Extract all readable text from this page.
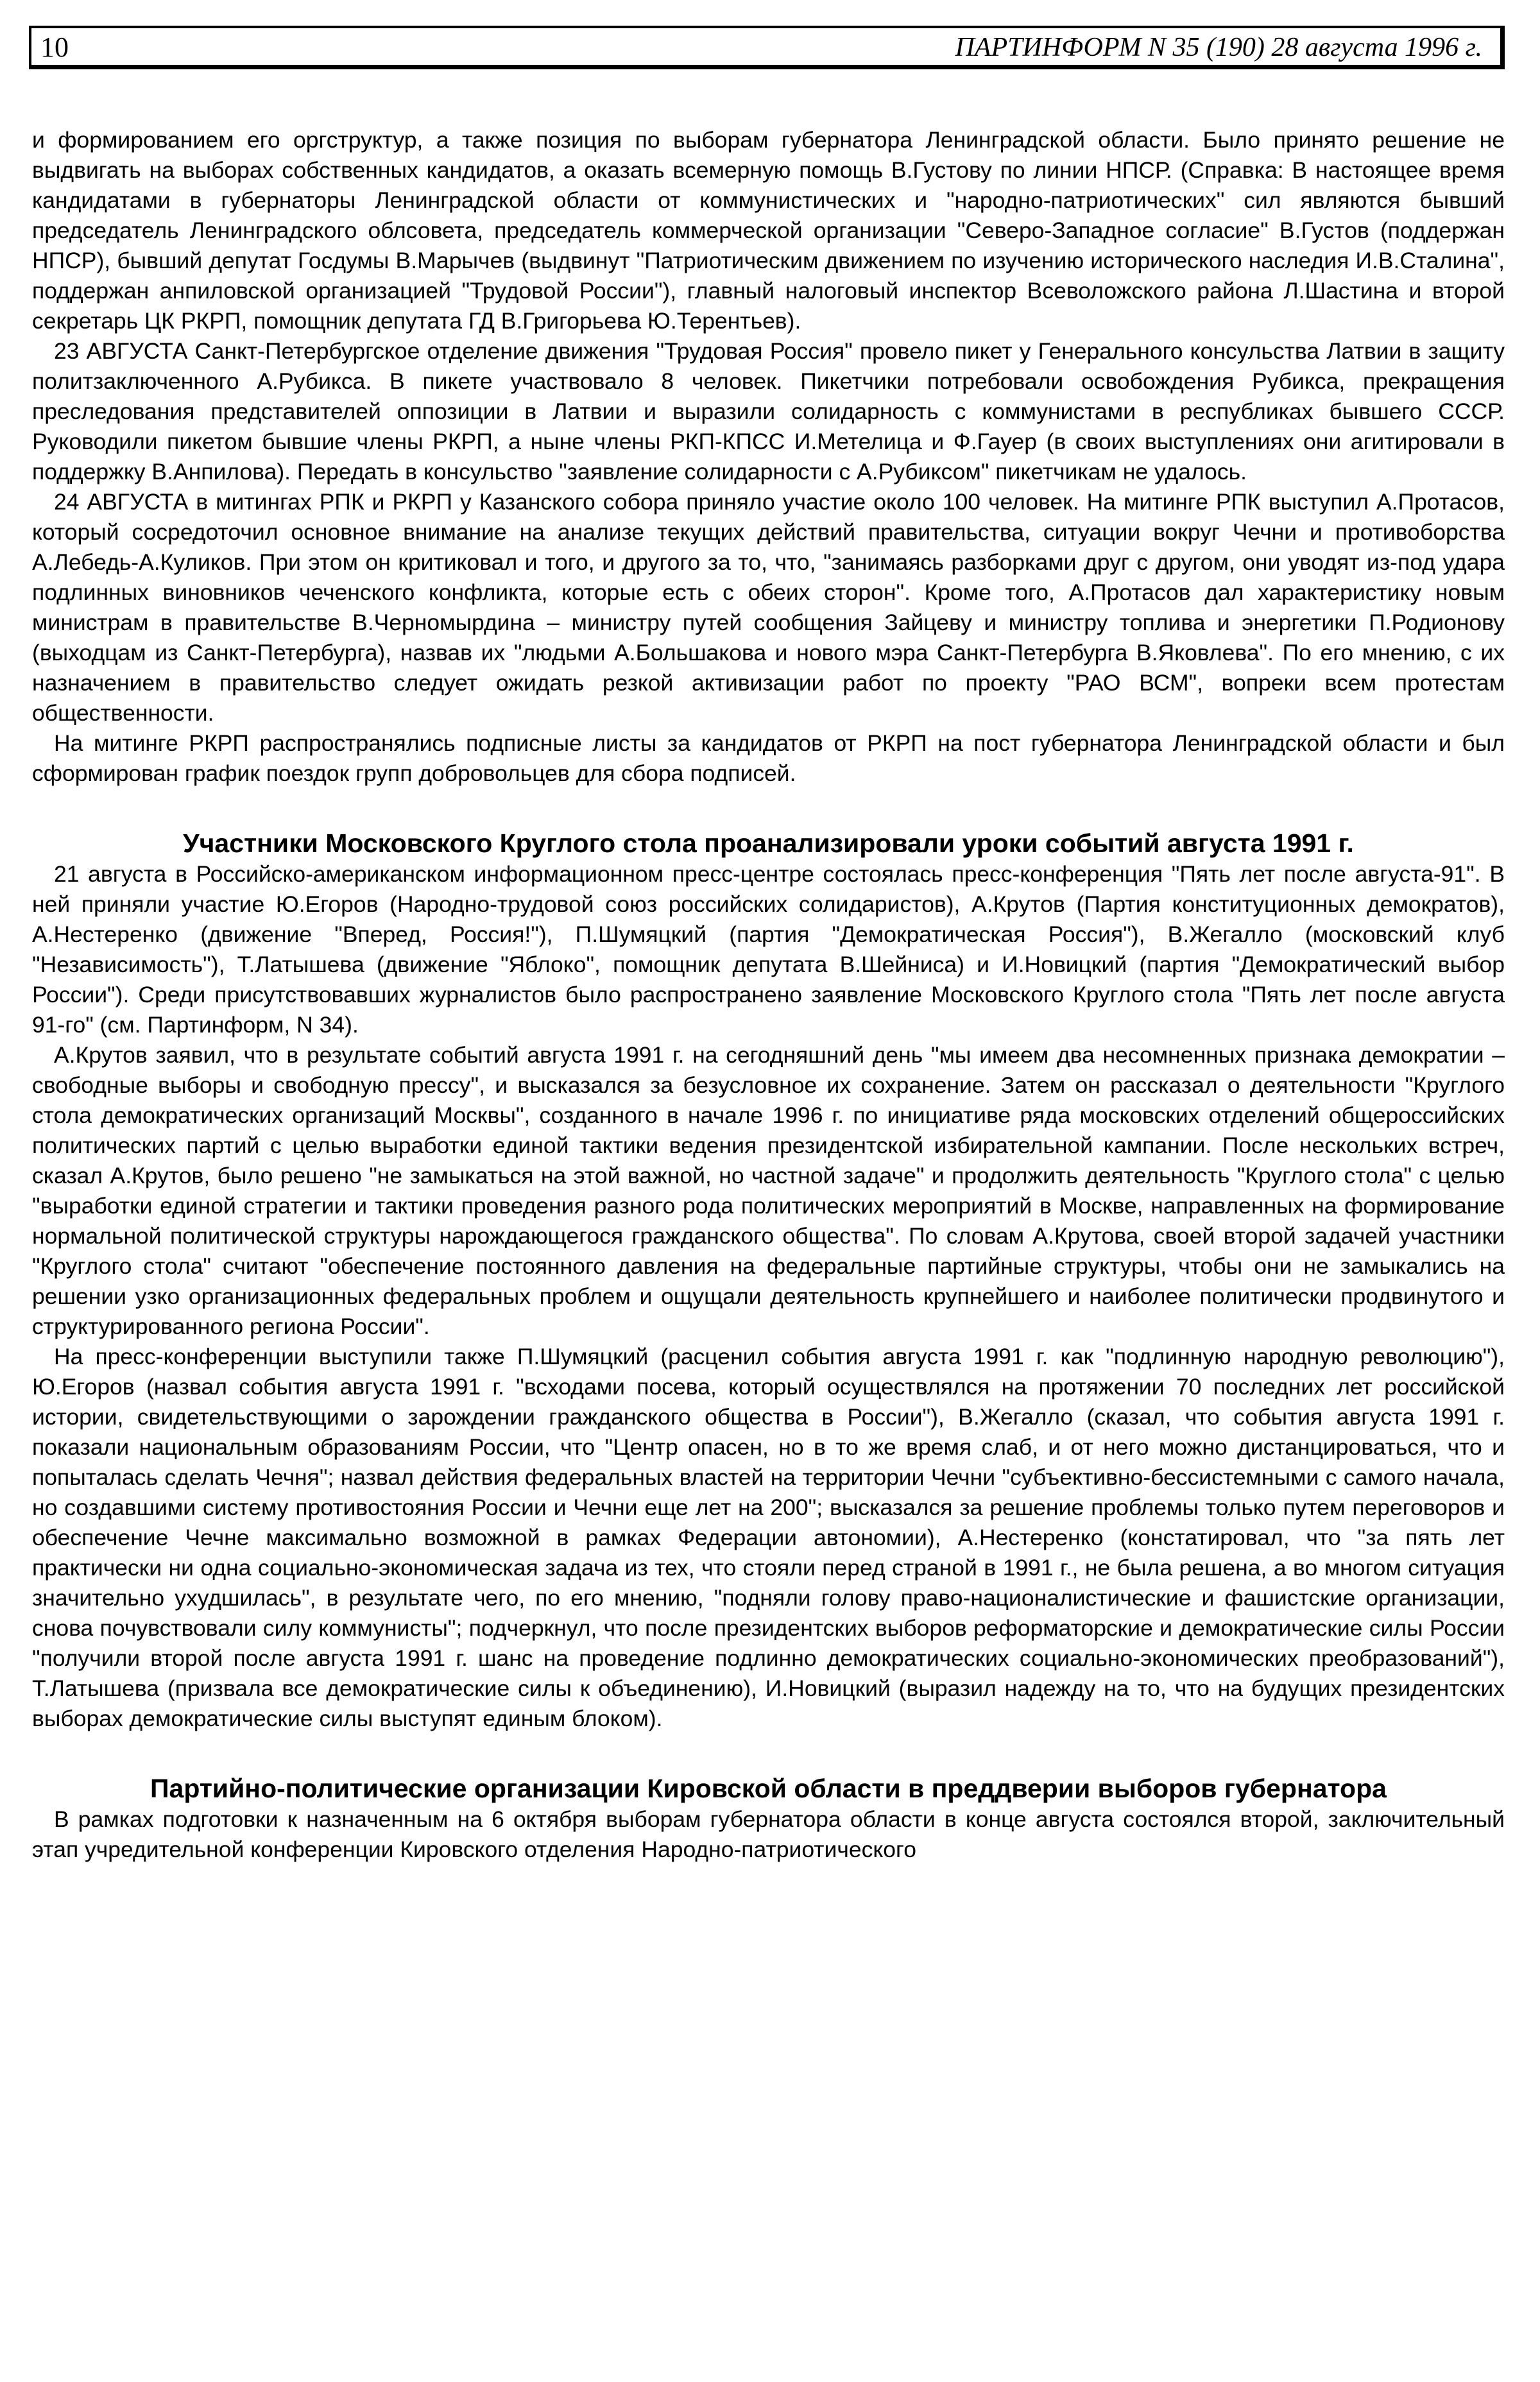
10	ПАРТИНФОРМ N 35 (190) 28 августа 1996 г.

и формированием его оргструктур, а также позиция по выборам губернатора Ленинградской области. Было принято решение не выдвигать на выборах собственных кандидатов, а оказать всемерную помощь В.Густову по линии НПСР. (Справка: В настоящее время кандидатами в губернаторы Ленинградской области от коммунистических и "народно-патриотических" сил являются бывший председатель Ленинградского облсовета, председатель коммерческой организации "Северо-Западное согласие" В.Густов (поддержан НПСР), бывший депутат Госдумы В.Марычев (выдвинут "Патриотическим движением по изучению исторического наследия И.В.Сталина", поддержан анпиловской организацией "Трудовой России"), главный налоговый инспектор Всеволожского района Л.Шастина и второй секретарь ЦК РКРП, помощник депутата ГД В.Григорьева Ю.Терентьев).

23 АВГУСТА Санкт-Петербургское отделение движения "Трудовая Россия" провело пикет у Генерального консульства Латвии в защиту политзаключенного А.Рубикса. В пикете участвовало 8 человек. Пикетчики потребовали освобождения Рубикса, прекращения преследования представителей оппозиции в Латвии и выразили солидарность с коммунистами в республиках бывшего СССР. Руководили пикетом бывшие члены РКРП, а ныне члены РКП-КПСС И.Метелица и Ф.Гауер (в своих выступлениях они агитировали в поддержку В.Анпилова). Передать в консульство "заявление солидарности с А.Рубиксом" пикетчикам не удалось.

24 АВГУСТА в митингах РПК и РКРП у Казанского собора приняло участие около 100 человек. На митинге РПК выступил А.Протасов, который сосредоточил основное внимание на анализе текущих действий правительства, ситуации вокруг Чечни и противоборства А.Лебедь-А.Куликов. При этом он критиковал и того, и другого за то, что, "занимаясь разборками друг с другом, они уводят из-под удара подлинных виновников чеченского конфликта, которые есть с обеих сторон". Кроме того, А.Протасов дал характеристику новым министрам в правительстве В.Черномырдина – министру путей сообщения Зайцеву и министру топлива и энергетики П.Родионову (выходцам из Санкт-Петербурга), назвав их "людьми А.Большакова и нового мэра Санкт-Петербурга В.Яковлева". По его мнению, с их назначением в правительство следует ожидать резкой активизации работ по проекту "РАО ВСМ", вопреки всем протестам общественности.

На митинге РКРП распространялись подписные листы за кандидатов от РКРП на пост губернатора Ленинградской области и был сформирован график поездок групп добровольцев для сбора подписей.

Участники Московского Круглого стола проанализировали уроки событий августа 1991 г.

21 августа в Российско-американском информационном пресс-центре состоялась пресс-конференция "Пять лет после августа-91". В ней приняли участие Ю.Егоров (Народно-трудовой союз российских солидаристов), А.Крутов (Партия конституционных демократов), А.Нестеренко (движение "Вперед, Россия!"), П.Шумяцкий (партия "Демократическая Россия"), В.Жегалло (московский клуб "Независимость"), Т.Латышева (движение "Яблоко", помощник депутата В.Шейниса) и И.Новицкий (партия "Демократический выбор России"). Среди присутствовавших журналистов было распространено заявление Московского Круглого стола "Пять лет после августа 91-го" (см. Партинформ, N 34).

А.Крутов заявил, что в результате событий августа 1991 г. на сегодняшний день "мы имеем два несомненных признака демократии – свободные выборы и свободную прессу", и высказался за безусловное их сохранение. Затем он рассказал о деятельности "Круглого стола демократических организаций Москвы", созданного в начале 1996 г. по инициативе ряда московских отделений общероссийских политических партий с целью выработки единой тактики ведения президентской избирательной кампании. После нескольких встреч, сказал А.Крутов, было решено "не замыкаться на этой важной, но частной задаче" и продолжить деятельность "Круглого стола" с целью "выработки единой стратегии и тактики проведения разного рода политических мероприятий в Москве, направленных на формирование нормальной политической структуры нарождающегося гражданского общества". По словам А.Крутова, своей второй задачей участники "Круглого стола" считают "обеспечение постоянного давления на федеральные партийные структуры, чтобы они не замыкались на решении узко организационных федеральных проблем и ощущали деятельность крупнейшего и наиболее политически продвинутого и структурированного региона России".

На пресс-конференции выступили также П.Шумяцкий (расценил события августа 1991 г. как "подлинную народную революцию"), Ю.Егоров (назвал события августа 1991 г. "всходами посева, который осуществлялся на протяжении 70 последних лет российской истории, свидетельствующими о зарождении гражданского общества в России"), В.Жегалло (сказал, что события августа 1991 г. показали национальным образованиям России, что "Центр опасен, но в то же время слаб, и от него можно дистанцироваться, что и попыталась сделать Чечня"; назвал действия федеральных властей на территории Чечни "субъективно-бессистемными с самого начала, но создавшими систему противостояния России и Чечни еще лет на 200"; высказался за решение проблемы только путем переговоров и обеспечение Чечне максимально возможной в рамках Федерации автономии), А.Нестеренко (констатировал, что "за пять лет практически ни одна социально-экономическая задача из тех, что стояли перед страной в 1991 г., не была решена, а во многом ситуация значительно ухудшилась", в результате чего, по его мнению, "подняли голову право-националистические и фашистские организации, снова почувствовали силу коммунисты"; подчеркнул, что после президентских выборов реформаторские и демократические силы России "получили второй после августа 1991 г. шанс на проведение подлинно демократических социально-экономических преобразований"), Т.Латышева (призвала все демократические силы к объединению), И.Новицкий (выразил надежду на то, что на будущих президентских выборах демократические силы выступят единым блоком).

Партийно-политические организации Кировской области в преддверии выборов губернатора

В рамках подготовки к назначенным на 6 октября выборам губернатора области в конце августа состоялся второй, заключительный этап учредительной конференции Кировского отделения Народно-патриотического
